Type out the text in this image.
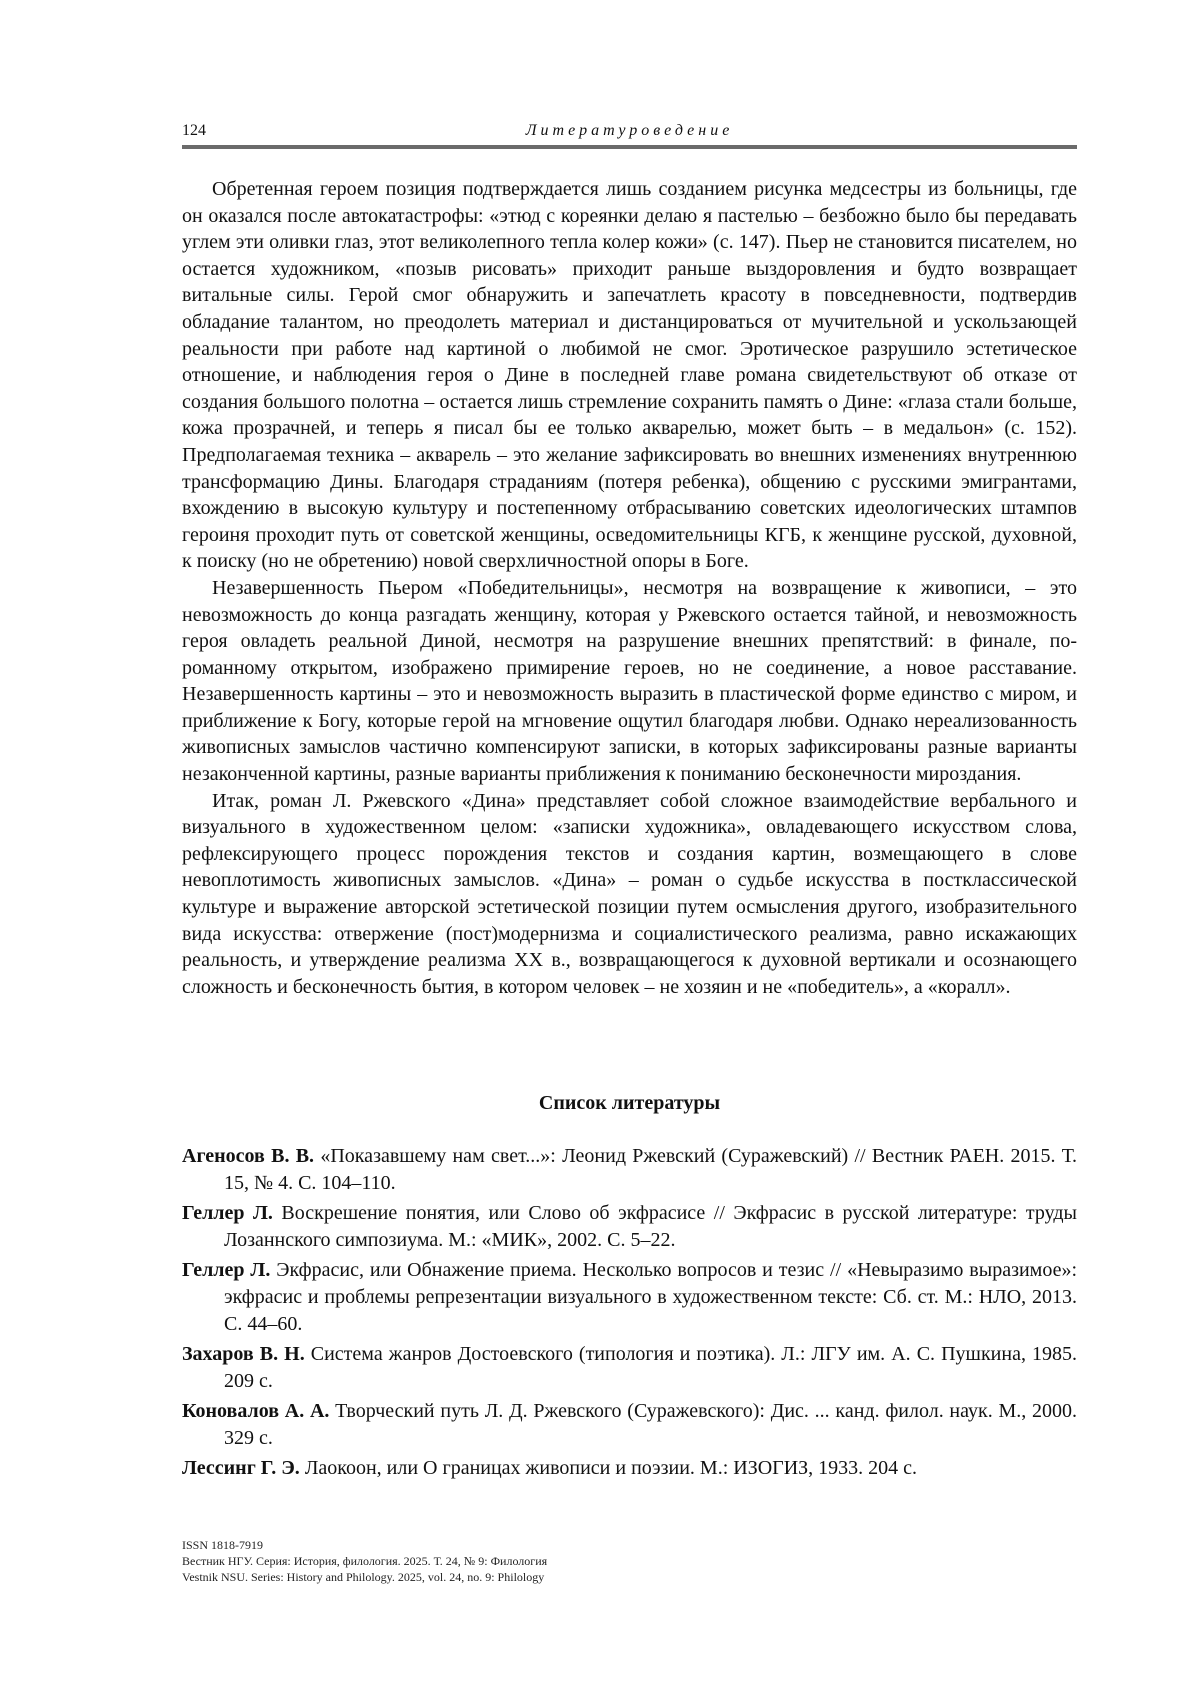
124	Литературоведение

Обретенная героем позиция подтверждается лишь созданием рисунка медсестры из больницы, где он оказался после автокатастрофы: «этюд с кореянки делаю я пастелью – безбожно было бы передавать углем эти оливки глаз, этот великолепного тепла колер кожи» (с. 147). Пьер не становится писателем, но остается художником, «позыв рисовать» приходит раньше выздоровления и будто возвращает витальные силы. Герой смог обнаружить и запечатлеть красоту в повседневности, подтвердив обладание талантом, но преодолеть материал и дистанцироваться от мучительной и ускользающей реальности при работе над картиной о любимой не смог. Эротическое разрушило эстетическое отношение, и наблюдения героя о Дине в последней главе романа свидетельствуют об отказе от создания большого полотна – остается лишь стремление сохранить память о Дине: «глаза стали больше, кожа прозрачней, и теперь я писал бы ее только акварелью, может быть – в медальон» (с. 152). Предполагаемая техника – акварель – это желание зафиксировать во внешних изменениях внутреннюю трансформацию Дины. Благодаря страданиям (потеря ребенка), общению с русскими эмигрантами, вхождению в высокую культуру и постепенному отбрасыванию советских идеологических штампов героиня проходит путь от советской женщины, осведомительницы КГБ, к женщине русской, духовной, к поиску (но не обретению) новой сверхличностной опоры в Боге.

Незавершенность Пьером «Победительницы», несмотря на возвращение к живописи, – это невозможность до конца разгадать женщину, которая у Ржевского остается тайной, и невозможность героя овладеть реальной Диной, несмотря на разрушение внешних препятствий: в финале, по-романному открытом, изображено примирение героев, но не соединение, а новое расставание. Незавершенность картины – это и невозможность выразить в пластической форме единство с миром, и приближение к Богу, которые герой на мгновение ощутил благодаря любви. Однако нереализованность живописных замыслов частично компенсируют записки, в которых зафиксированы разные варианты незаконченной картины, разные варианты приближения к пониманию бесконечности мироздания.

Итак, роман Л. Ржевского «Дина» представляет собой сложное взаимодействие вербального и визуального в художественном целом: «записки художника», овладевающего искусством слова, рефлексирующего процесс порождения текстов и создания картин, возмещающего в слове невоплотимость живописных замыслов. «Дина» – роман о судьбе искусства в постклассической культуре и выражение авторской эстетической позиции путем осмысления другого, изобразительного вида искусства: отвержение (пост)модернизма и социалистического реализма, равно искажающих реальность, и утверждение реализма XX в., возвращающегося к духовной вертикали и осознающего сложность и бесконечность бытия, в котором человек – не хозяин и не «победитель», а «коралл».

Список литературы
Агеносов В. В. «Показавшему нам свет...»: Леонид Ржевский (Суражевский) // Вестник РАЕН. 2015. Т. 15, № 4. С. 104–110.
Геллер Л. Воскрешение понятия, или Слово об экфрасисе // Экфрасис в русской литературе: труды Лозаннского симпозиума. М.: «МИК», 2002. С. 5–22.
Геллер Л. Экфрасис, или Обнажение приема. Несколько вопросов и тезис // «Невыразимо выразимое»: экфрасис и проблемы репрезентации визуального в художественном тексте: Сб. ст. М.: НЛО, 2013. С. 44–60.
Захаров В. Н. Система жанров Достоевского (типология и поэтика). Л.: ЛГУ им. А. С. Пушкина, 1985. 209 с.
Коновалов А. А. Творческий путь Л. Д. Ржевского (Суражевского): Дис. ... канд. филол. наук. М., 2000. 329 с.
Лессинг Г. Э. Лаокоон, или О границах живописи и поэзии. М.: ИЗОГИЗ, 1933. 204 с.
ISSN 1818-7919
Вестник НГУ. Серия: История, филология. 2025. Т. 24, № 9: Филология
Vestnik NSU. Series: History and Philology. 2025, vol. 24, no. 9: Philology
